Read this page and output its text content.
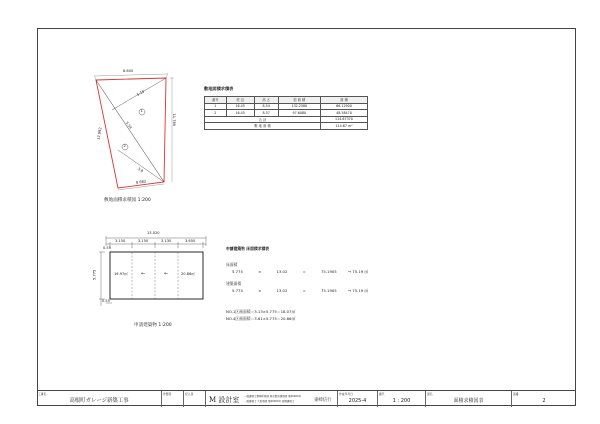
8.600
12.992
11.789
8.682
5.54
5.10
3.8
1
2
敷地面積求積図 1:200
敷地面積求積表
番号	底 辺	高 さ	倍 面 積	面 積
1	16.45	8.54	132.2580	66.12900
2	16.45	8.57	97.6080	48.58470
合 計				114.67370
敷 地 面 積				114.67 m²
13.020
3.150	3.150	3.130	3.650
5.775
0.55
0.55
16.97㎡	20.86㎡
←	←
申請建築物 1:200
申請建築物 床面積求積表
床面積
5.775	×	13.02	=	75.1905	→ 75.19 ㎡
建築面積
5.775	×	13.02	=	75.1905	→ 75.19 ㎡
NO.1区画面積＝3.13×5.775＝18.07㎡
NO.4区画面積＝3.61×5.775＝20.86㎡
工事名
高根町ガレージ新築工事
作製者	記入者
M 設計室 一級建築士事務所登録 東京都知事登録 第00000号
一級建築士 大臣登録 第00000号 管理建築士	東崎信行
作成年月日
2025-4
縮尺
1 : 200
図名
面積求積図表
図番
2
